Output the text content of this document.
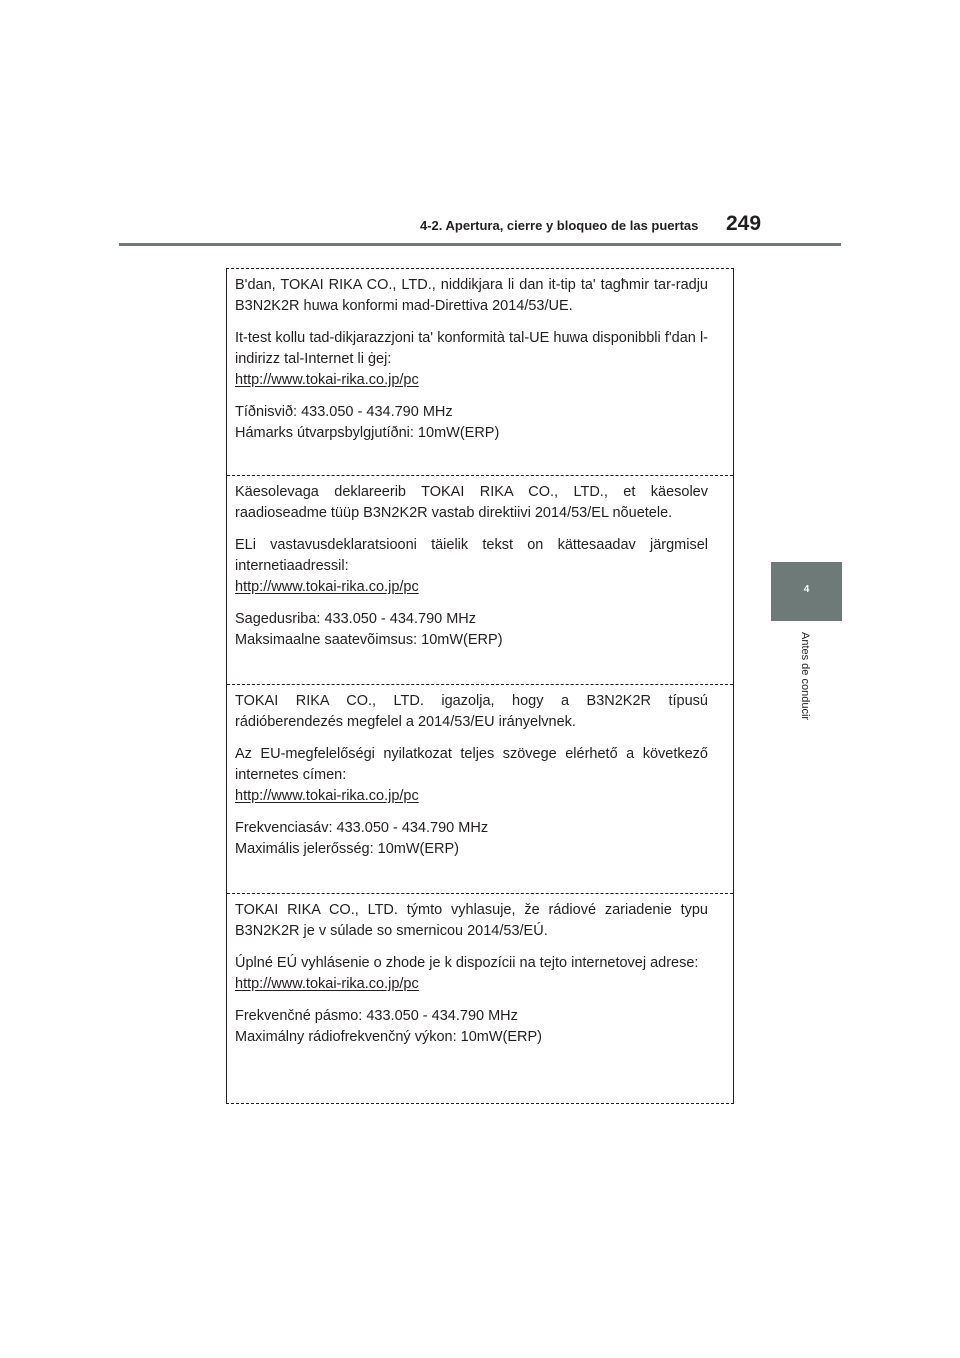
4-2. Apertura, cierre y bloqueo de las puertas 249
4
Antes de conducir

B'dan, TOKAI RIKA CO., LTD., niddikjara li dan it-tip ta' tagħmir tar-radju B3N2K2R huwa konformi mad-Direttiva 2014/53/UE.

It-test kollu tad-dikjarazzjoni ta' konformità tal-UE huwa disponibbli f'dan l-indirizz tal-Internet li ġej:
http://www.tokai-rika.co.jp/pc

Tíðnisvið: 433.050 - 434.790 MHz
Hámarks útvarpsbylgjutíðni: 10mW(ERP)

Käesolevaga deklareerib TOKAI RIKA CO., LTD., et käesolev raadioseadme tüüp B3N2K2R vastab direktiivi 2014/53/EL nõuetele.

ELi vastavusdeklaratsiooni täielik tekst on kättesaadav järgmisel internetiaadressil:
http://www.tokai-rika.co.jp/pc

Sagedusriba: 433.050 - 434.790 MHz
Maksimaalne saatevõimsus: 10mW(ERP)

TOKAI RIKA CO., LTD. igazolja, hogy a B3N2K2R típusú rádióberendezés megfelel a 2014/53/EU irányelvnek.

Az EU-megfelelőségi nyilatkozat teljes szövege elérhető a következő internetes címen:
http://www.tokai-rika.co.jp/pc

Frekvenciasáv: 433.050 - 434.790 MHz
Maximális jelerősség: 10mW(ERP)

TOKAI RIKA CO., LTD. týmto vyhlasuje, že rádiové zariadenie typu B3N2K2R je v súlade so smernicou 2014/53/EÚ.

Úplné EÚ vyhlásenie o zhode je k dispozícii na tejto internetovej adrese:
http://www.tokai-rika.co.jp/pc

Frekvenčné pásmo: 433.050 - 434.790 MHz
Maximálny rádiofrekvenčný výkon: 10mW(ERP)
